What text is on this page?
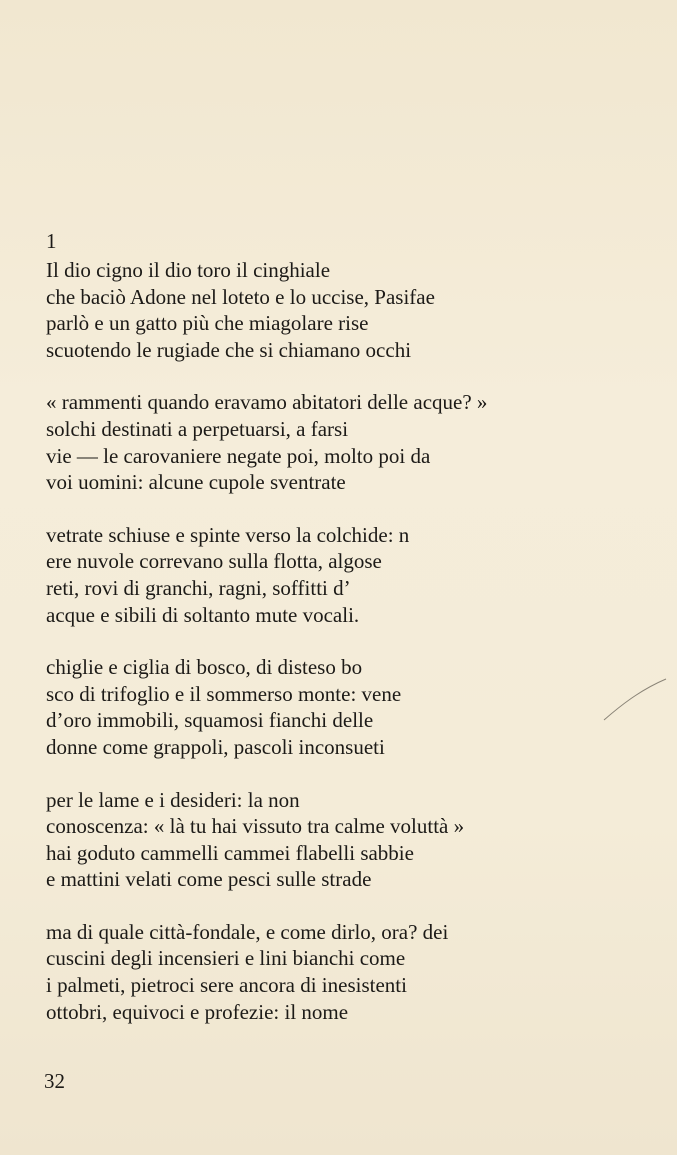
1
Il dio cigno il dio toro il cinghiale
che baciò Adone nel loteto e lo uccise, Pasifae
parlò e un gatto più che miagolare rise
scuotendo le rugiade che si chiamano occhi
« rammenti quando eravamo abitatori delle acque? »
solchi destinati a perpetuarsi, a farsi
vie — le carovaniere negate poi, molto poi da
voi uomini: alcune cupole sventrate
vetrate schiuse e spinte verso la colchide: n
ere nuvole correvano sulla flotta, algose
reti, rovi di granchi, ragni, soffitti d’
acque e sibili di soltanto mute vocali.
chiglie e ciglia di bosco, di disteso bo
sco di trifoglio e il sommerso monte: vene
d’oro immobili, squamosi fianchi delle
donne come grappoli, pascoli inconsueti
per le lame e i desideri: la non
conoscenza: « là tu hai vissuto tra calme voluttà »
hai goduto cammelli cammei flabelli sabbie
e mattini velati come pesci sulle strade
ma di quale città-fondale, e come dirlo, ora? dei
cuscini degli incensieri e lini bianchi come
i palmeti, pietroci sere ancora di inesistenti
ottobri, equivoci e profezie: il nome
32
